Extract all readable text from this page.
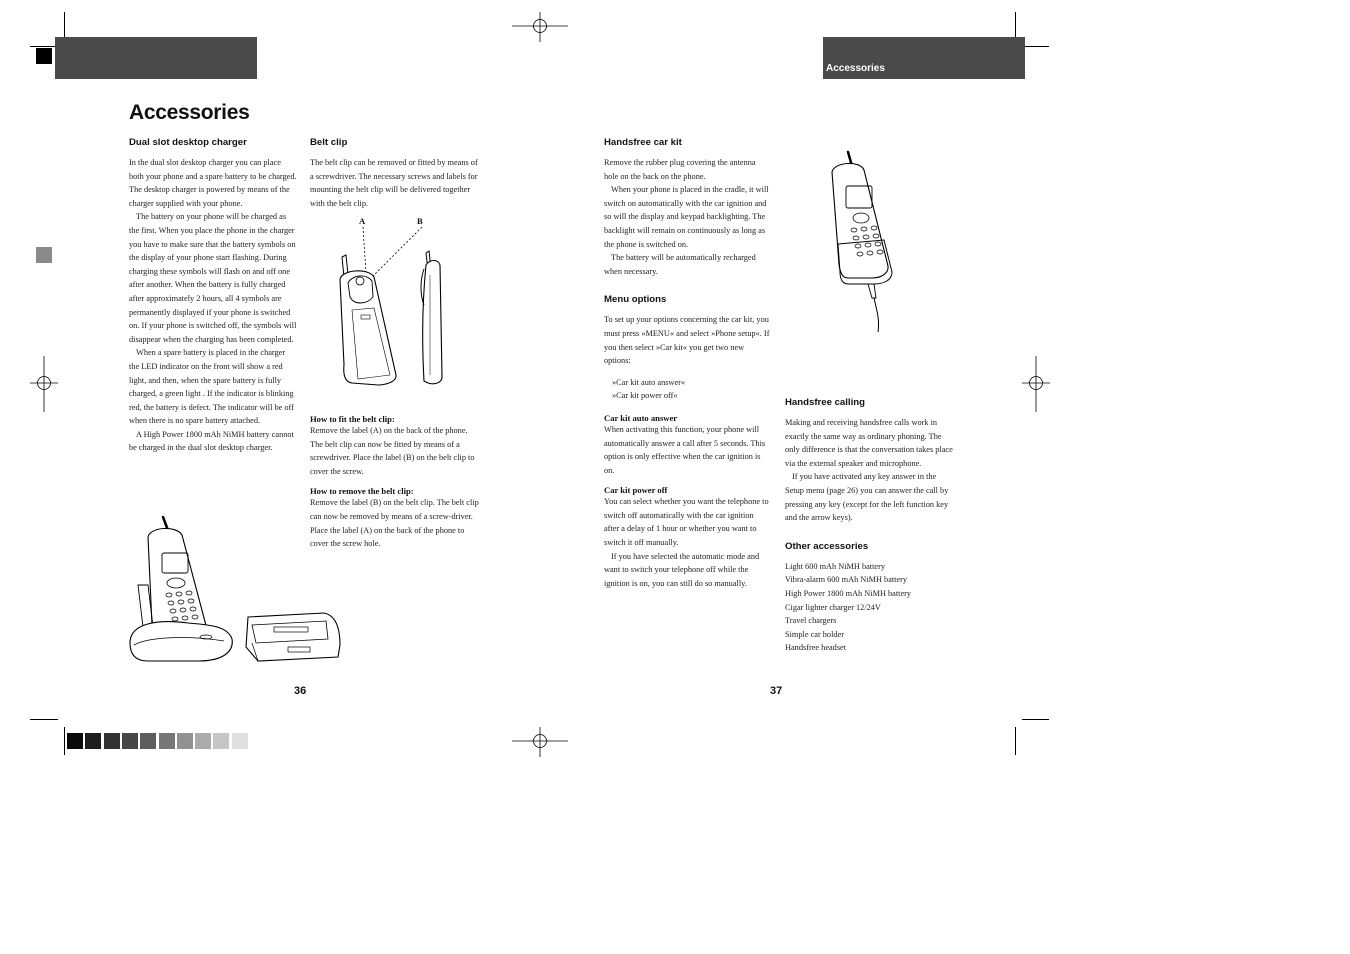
Accessories
Accessories
Dual slot desktop charger

In the dual slot desktop charger you can place both your phone and a spare battery to be charged. The desktop charger is powered by means of the charger supplied with your phone.

The battery on your phone will be charged as the first. When you place the phone in the charger you have to make sure that the battery symbols on the display of your phone start flashing. During charging these symbols will flash on and off one after another. When the battery is fully charged after approximately 2 hours, all 4 symbols are permanently displayed if your phone is switched on. If your phone is switched off, the symbols will disappear when the charging has been completed.

When a spare battery is placed in the charger the LED indicator on the front will show a red light, and then, when the spare battery is fully charged, a green light . If the indicator is blinking red, the battery is defect. The indicator will be off when there is no spare battery attached.

A High Power 1800 mAh NiMH battery cannot be charged in the dual slot desktop charger.

Belt clip

The belt clip can be removed or fitted by means of a screwdriver. The necessary screws and labels for mounting the belt clip will be delivered together with the belt clip.

A	B
How to fit the belt clip:

Remove the label (A) on the back of the phone. The belt clip can now be fitted by means of a screwdriver. Place the label (B) on the belt clip to cover the screw.

How to remove the belt clip:

Remove the label (B) on the belt clip. The belt clip can now be removed by means of a screw-driver. Place the label (A) on the back of the phone to cover the screw hole.

36
Handsfree car kit

Remove the rubber plug covering the antenna hole on the back on the phone.

When your phone is placed in the cradle, it will switch on automatically with the car ignition and so will the display and keypad backlighting. The backlight will remain on continuously as long as the phone is switched on.

The battery will be automatically recharged when necessary.

Menu options

To set up your options concerning the car kit, you must press »MENU« and select »Phone setup«. If you then select »Car kit« you get two new options:

»Car kit auto answer«
»Car kit power off«
Car kit auto answer

When activating this function, your phone will automatically answer a call after 5 seconds. This option is only effective when the car ignition is on.

Car kit power off

You can select whether you want the telephone to switch off automatically with the car ignition after a delay of 1 hour or whether you want to switch it off manually.

If you have selected the automatic mode and want to switch your telephone off while the ignition is on, you can still do so manually.

Handsfree calling

Making and receiving handsfree calls work in exactly the same way as ordinary phoning. The only difference is that the conversation takes place via the external speaker and microphone.

If you have activated any key answer in the Setup menu (page 26) you can answer the call by pressing any key (except for the left function key and the arrow keys).

Other accessories
Light 600 mAh NiMH battery
Vibra-alarm 600 mAh NiMH battery
High Power 1800 mAh NiMH battery
Cigar lighter charger 12/24V
Travel chargers
Simple car holder
Handsfree headset
37
